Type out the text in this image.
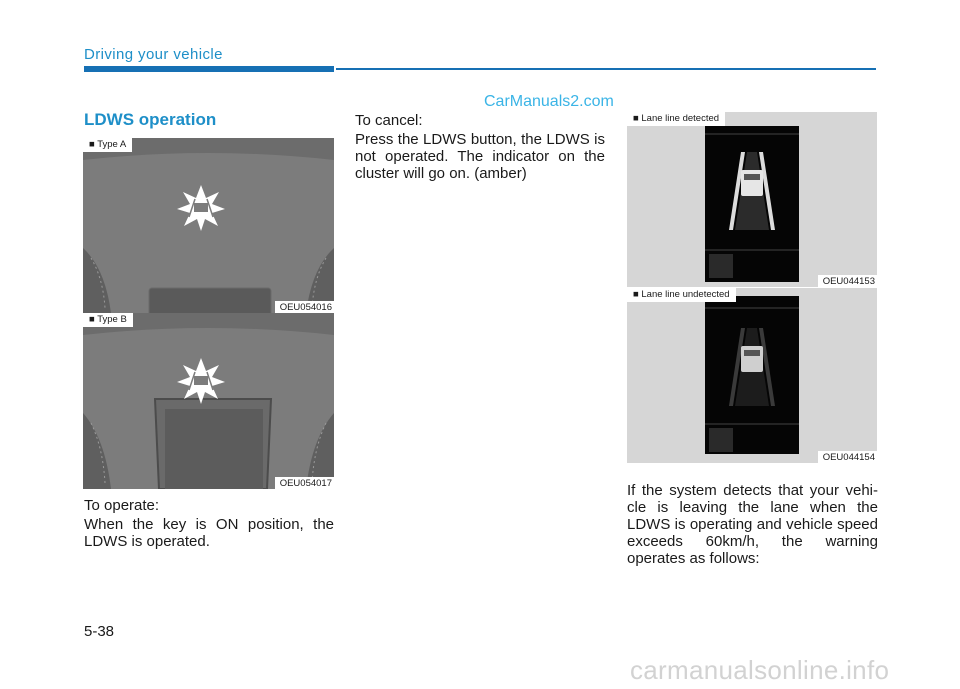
Driving your vehicle
CarManuals2.com
LDWS operation
■ Type A
OEU054016
■ Type B
OEU054017
To operate:
When the key is ON position, the LDWS is operated.
To cancel:
Press the LDWS button, the LDWS is not operated. The indicator on the cluster will go on. (amber)
■ Lane line detected
OEU044153
■ Lane line undetected
OEU044154
If the system detects that your vehi-cle is leaving the lane when the LDWS is operating and vehicle speed exceeds 60km/h, the warning operates as follows:
5-38
carmanualsonline.info
